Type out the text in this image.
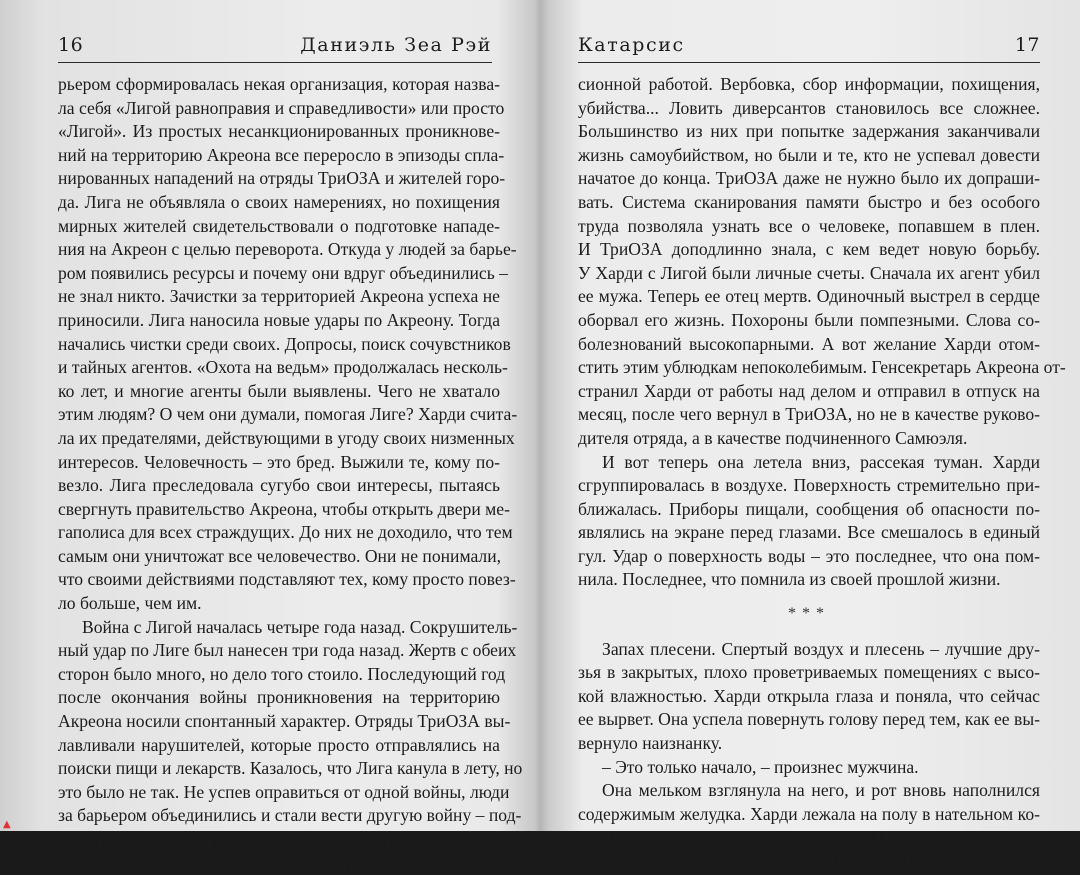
16	Даниэль Зеа Рэй
рьером сформировалась некая организация, которая назва-
ла себя «Лигой равноправия и справедливости» или просто
«Лигой». Из простых несанкционированных проникнове-
ний на территорию Акреона все переросло в эпизоды спла-
нированных нападений на отряды ТриОЗА и жителей горо-
да. Лига не объявляла о своих намерениях, но похищения
мирных жителей свидетельствовали о подготовке нападе-
ния на Акреон с целью переворота. Откуда у людей за барье-
ром появились ресурсы и почему они вдруг объединились –
не знал никто. Зачистки за территорией Акреона успеха не
приносили. Лига наносила новые удары по Акреону. Тогда
начались чистки среди своих. Допросы, поиск сочувстников
и тайных агентов. «Охота на ведьм» продолжалась несколь-
ко лет, и многие агенты были выявлены. Чего не хватало
этим людям? О чем они думали, помогая Лиге? Харди счита-
ла их предателями, действующими в угоду своих низменных
интересов. Человечность – это бред. Выжили те, кому по-
везло. Лига преследовала сугубо свои интересы, пытаясь
свергнуть правительство Акреона, чтобы открыть двери ме-
гаполиса для всех страждущих. До них не доходило, что тем
самым они уничтожат все человечество. Они не понимали,
что своими действиями подставляют тех, кому просто повез-
ло больше, чем им.
Война с Лигой началась четыре года назад. Сокрушитель-
ный удар по Лиге был нанесен три года назад. Жертв с обеих
сторон было много, но дело того стоило. Последующий год
после окончания войны проникновения на территорию
Акреона носили спонтанный характер. Отряды ТриОЗА вы-
лавливали нарушителей, которые просто отправлялись на
поиски пищи и лекарств. Казалось, что Лига канула в лету, но
это было не так. Не успев оправиться от одной войны, люди
за барьером объединились и стали вести другую войну – под-
польную. Спонтанные проникновения превратились в коор-
динируемые, а воровские миссии быстро сменились дивер-
Катарсис	17
сионной работой. Вербовка, сбор информации, похищения,
убийства... Ловить диверсантов становилось все сложнее.
Большинство из них при попытке задержания заканчивали
жизнь самоубийством, но были и те, кто не успевал довести
начатое до конца. ТриОЗА даже не нужно было их допраши-
вать. Система сканирования памяти быстро и без особого
труда позволяла узнать все о человеке, попавшем в плен.
И ТриОЗА доподлинно знала, с кем ведет новую борьбу.
У Харди с Лигой были личные счеты. Сначала их агент убил
ее мужа. Теперь ее отец мертв. Одиночный выстрел в сердце
оборвал его жизнь. Похороны были помпезными. Слова со-
болезнований высокопарными. А вот желание Харди отом-
стить этим ублюдкам непоколебимым. Генсекретарь Акреона от-
странил Харди от работы над делом и отправил в отпуск на
месяц, после чего вернул в ТриОЗА, но не в качестве руково-
дителя отряда, а в качестве подчиненного Самюэля.
И вот теперь она летела вниз, рассекая туман. Харди
сгруппировалась в воздухе. Поверхность стремительно при-
ближалась. Приборы пищали, сообщения об опасности по-
являлись на экране перед глазами. Все смешалось в единый
гул. Удар о поверхность воды – это последнее, что она пом-
нила. Последнее, что помнила из своей прошлой жизни.
***
Запах плесени. Спертый воздух и плесень – лучшие дру-
зья в закрытых, плохо проветриваемых помещениях с высо-
кой влажностью. Харди открыла глаза и поняла, что сейчас
ее вырвет. Она успела повернуть голову перед тем, как ее вы-
вернуло наизнанку.
– Это только начало, – произнес мужчина.
Она мельком взглянула на него, и рот вновь наполнился
содержимым желудка. Харди лежала на полу в нательном ко-
стюме. Экзокостюм с нее кто-то снял. Она попыталась при-
подняться, но ее повело и снова вывернуло на пол.
▲
